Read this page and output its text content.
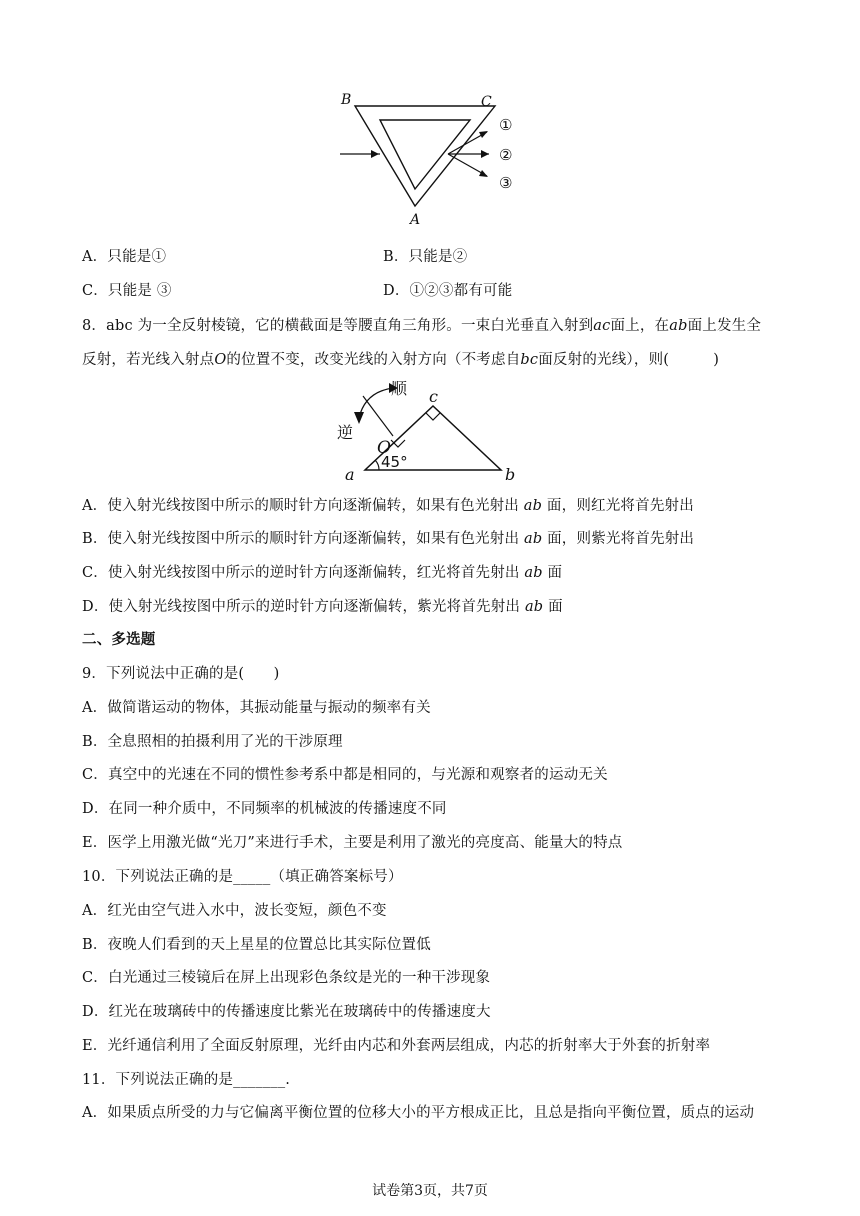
B	C
A
①
②
③
A．只能是①	B．只能是②
C．只能是 ③	D．①②③都有可能
8．abc 为一全反射棱镜，它的横截面是等腰直角三角形。一束白光垂直入射到ac面上，在ab面上发生全
反射，若光线入射点O的位置不变，改变光线的入射方向（不考虑自bc面反射的光线），则(　　　)
顺
逆
O
a	b
c
45°
A．使入射光线按图中所示的顺时针方向逐渐偏转，如果有色光射出 ab 面，则红光将首先射出
B．使入射光线按图中所示的顺时针方向逐渐偏转，如果有色光射出 ab 面，则紫光将首先射出
C．使入射光线按图中所示的逆时针方向逐渐偏转，红光将首先射出 ab 面
D．使入射光线按图中所示的逆时针方向逐渐偏转，紫光将首先射出 ab 面
二、多选题
9．下列说法中正确的是(　　)
A．做简谐运动的物体，其振动能量与振动的频率有关
B．全息照相的拍摄利用了光的干涉原理
C．真空中的光速在不同的惯性参考系中都是相同的，与光源和观察者的运动无关
D．在同一种介质中，不同频率的机械波的传播速度不同
E．医学上用激光做“光刀”来进行手术，主要是利用了激光的亮度高、能量大的特点
10．下列说法正确的是_____（填正确答案标号）
A．红光由空气进入水中，波长变短，颜色不变
B．夜晚人们看到的天上星星的位置总比其实际位置低
C．白光通过三棱镜后在屏上出现彩色条纹是光的一种干涉现象
D．红光在玻璃砖中的传播速度比紫光在玻璃砖中的传播速度大
E．光纤通信利用了全面反射原理，光纤由内芯和外套两层组成，内芯的折射率大于外套的折射率
11．下列说法正确的是_______.
A．如果质点所受的力与它偏离平衡位置的位移大小的平方根成正比，且总是指向平衡位置，质点的运动
试卷第3页，共7页
